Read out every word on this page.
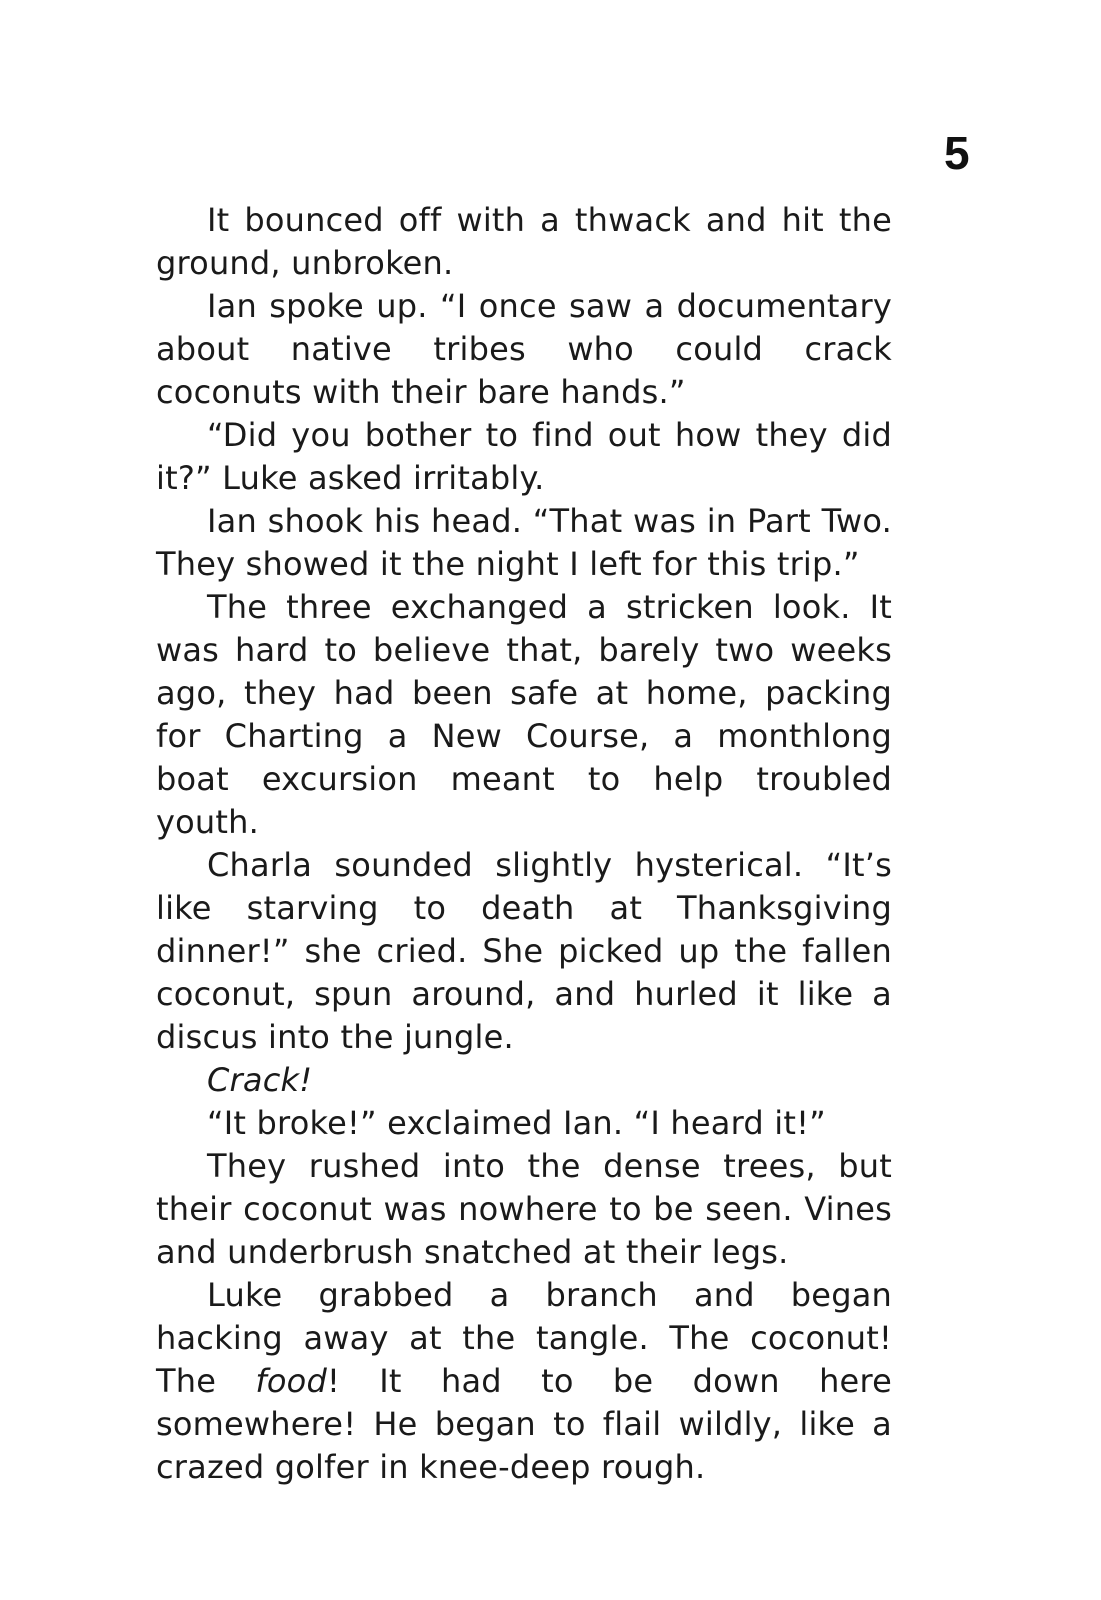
5

It bounced off with a thwack and hit the ground, unbroken.

Ian spoke up. “I once saw a documentary about native tribes who could crack coconuts with their bare hands.”

“Did you bother to find out how they did it?” Luke asked irritably.

Ian shook his head. “That was in Part Two. They showed it the night I left for this trip.”

The three exchanged a stricken look. It was hard to believe that, barely two weeks ago, they had been safe at home, packing for Charting a New Course, a monthlong boat excursion meant to help troubled youth.

Charla sounded slightly hysterical. “It’s like starving to death at Thanksgiving dinner!” she cried. She picked up the fallen coconut, spun around, and hurled it like a discus into the jungle.

Crack!

“It broke!” exclaimed Ian. “I heard it!”

They rushed into the dense trees, but their coconut was nowhere to be seen. Vines and underbrush snatched at their legs.

Luke grabbed a branch and began hacking away at the tangle. The coconut! The food! It had to be down here somewhere! He began to flail wildly, like a crazed golfer in knee-deep rough.
